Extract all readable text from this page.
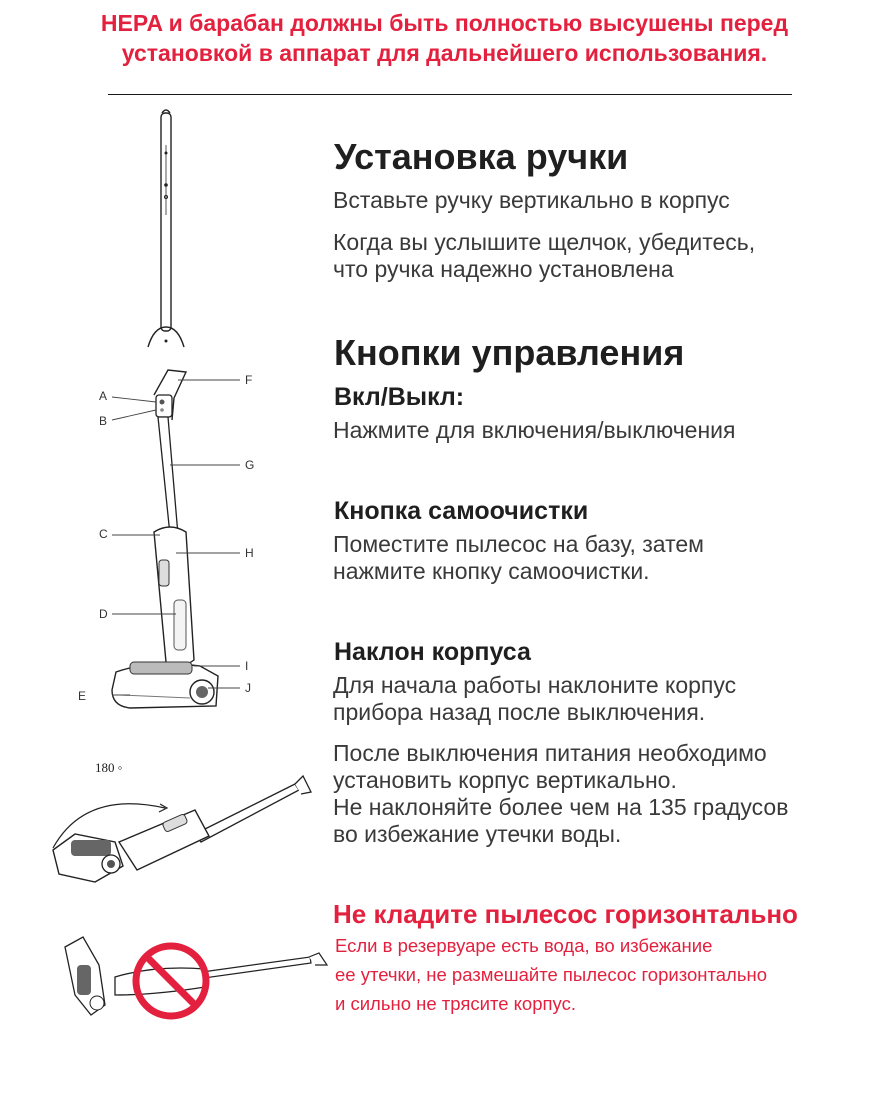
HEPA и барабан должны быть полностью высушены перед
установкой в аппарат для дальнейшего использования.
A
B
C
D
E
F
G
H
I
J
180 ◦
Установка ручки
Вставьте ручку вертикально в корпус
Когда вы услышите щелчок, убедитесь,
что ручка надежно установлена
Кнопки управления
Вкл/Выкл:
Нажмите для включения/выключения
Кнопка самоочистки
Поместите пылесос на базу, затем
нажмите кнопку самоочистки.
Наклон корпуса
Для начала работы наклоните корпус
прибора назад после выключения.
После выключения питания необходимо
установить корпус вертикально.
Не наклоняйте более чем на 135 градусов
во избежание утечки воды.
Не кладите пылесос горизонтально
Если в резервуаре есть вода, во избежание
ее утечки, не размешайте пылесос горизонтально
и сильно не трясите корпус.
